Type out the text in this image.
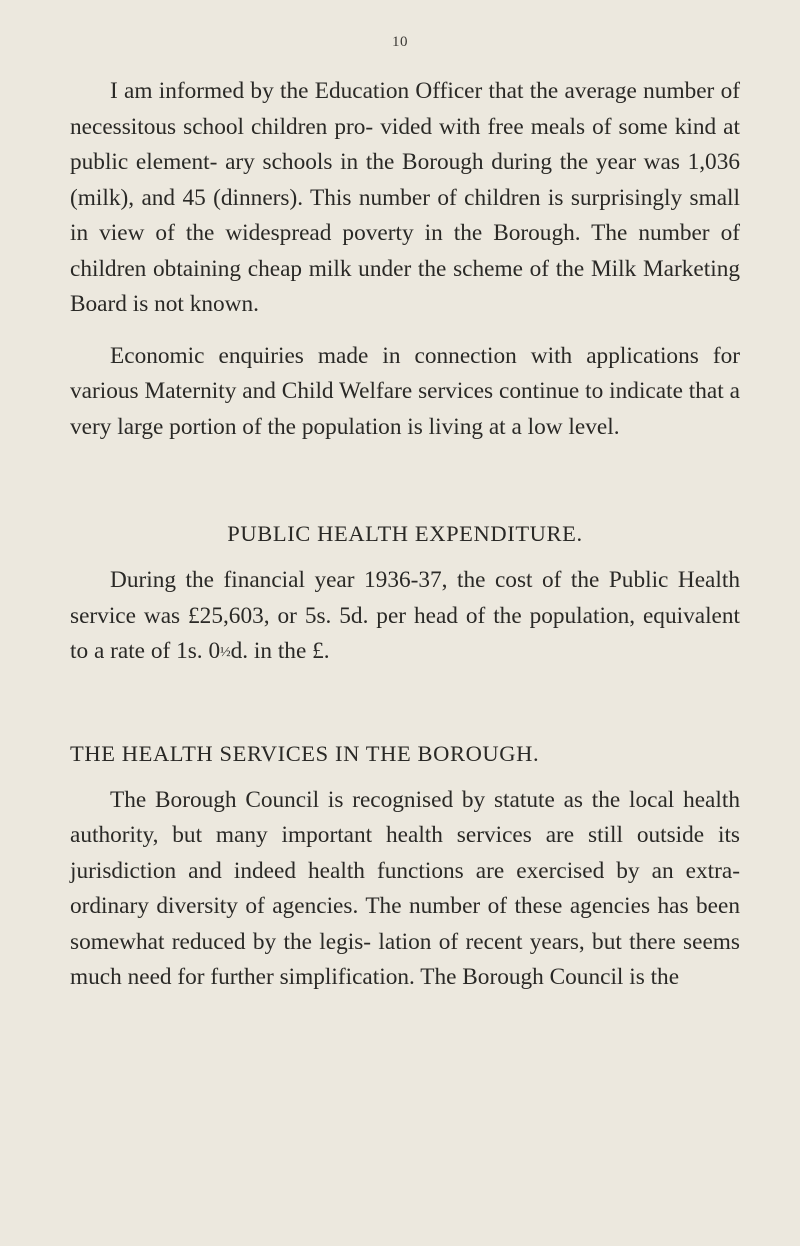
10

I am informed by the Education Officer that the average number of necessitous school children pro- vided with free meals of some kind at public element- ary schools in the Borough during the year was 1,036 (milk), and 45 (dinners). This number of children is surprisingly small in view of the widespread poverty in the Borough. The number of children obtaining cheap milk under the scheme of the Milk Marketing Board is not known.

Economic enquiries made in connection with applications for various Maternity and Child Welfare services continue to indicate that a very large portion of the population is living at a low level.

PUBLIC HEALTH EXPENDITURE.

During the financial year 1936-37, the cost of the Public Health service was £25,603, or 5s. 5d. per head of the population, equivalent to a rate of 1s. 0½d. in the £.

THE HEALTH SERVICES IN THE BOROUGH.

The Borough Council is recognised by statute as the local health authority, but many important health services are still outside its jurisdiction and indeed health functions are exercised by an extra- ordinary diversity of agencies. The number of these agencies has been somewhat reduced by the legis- lation of recent years, but there seems much need for further simplification. The Borough Council is the
